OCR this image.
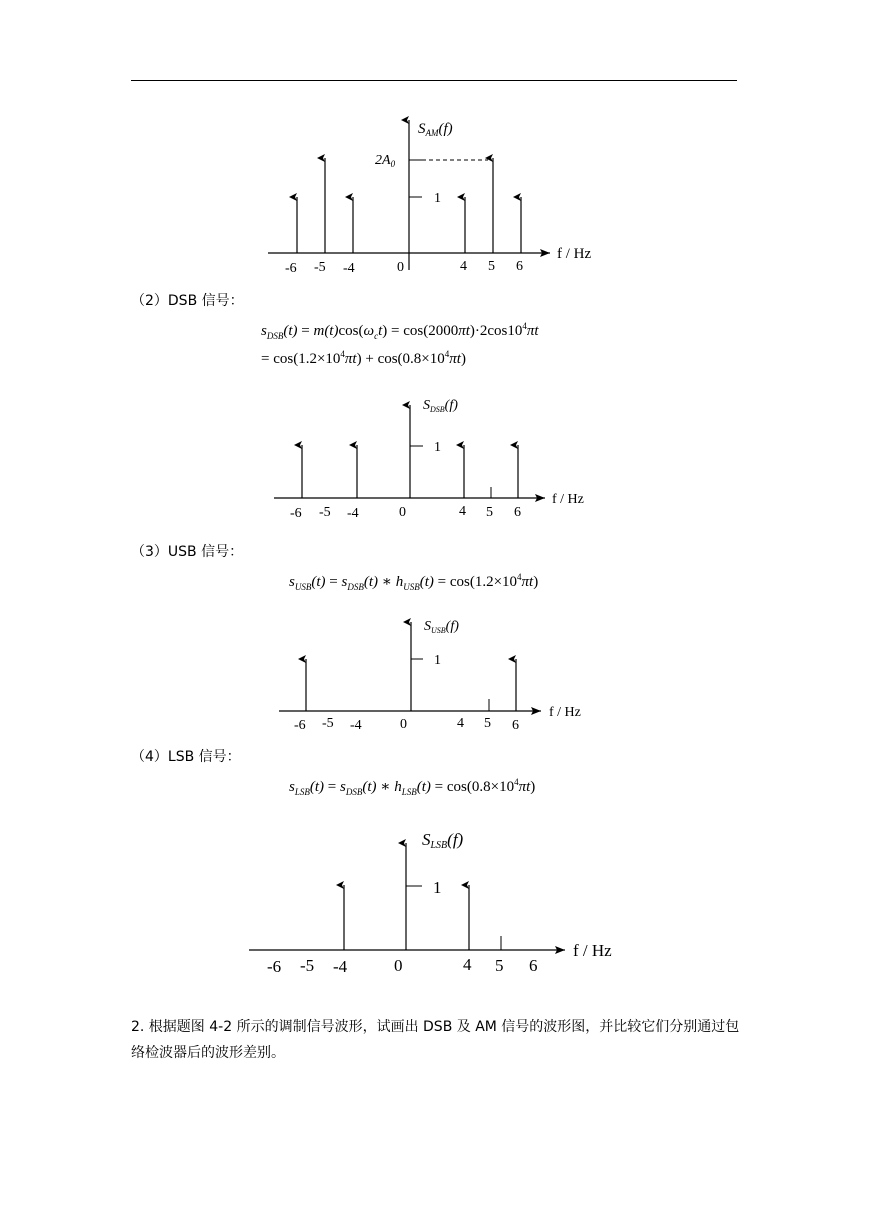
$S_{AM}(f)$
$2A_0$
1
f / Hz
-6 -5 -4	0	4 5 6
$S_{DSB}(f)$
1
f / Hz
-6 -5 -4	0	4 5 6
$S_{USB}(f)$
1
f / Hz
-6 -5 -4	0	4 5 6
SLSB(f)
1
f / Hz
-6 -5 -4	0	4 5 6
（2）DSB 信号：
$s_{DSB}(t) = m(t)\cos(\omega_ct) = \cos(2000\pi t)\cdot 2\cos 10^4\pi t$
= $\cos(1.2\times 10^4\pi t) + \cos(0.8\times 10^4\pi t)$
（3）USB 信号：
$s_{USB}(t) = s_{DSB}(t)$ ∗ $h_{USB}(t) = \cos(1.2\times 10^4\pi t)$
（4）LSB 信号：
$s_{LSB}(t) = s_{DSB}(t)$ ∗ $h_{LSB}(t) = \cos(0.8\times 10^4\pi t)$
2. 根据题图 4-2 所示的调制信号波形，试画出 DSB 及 AM 信号的波形图，并比较它们分别通过包络检波器后的波形差别。
